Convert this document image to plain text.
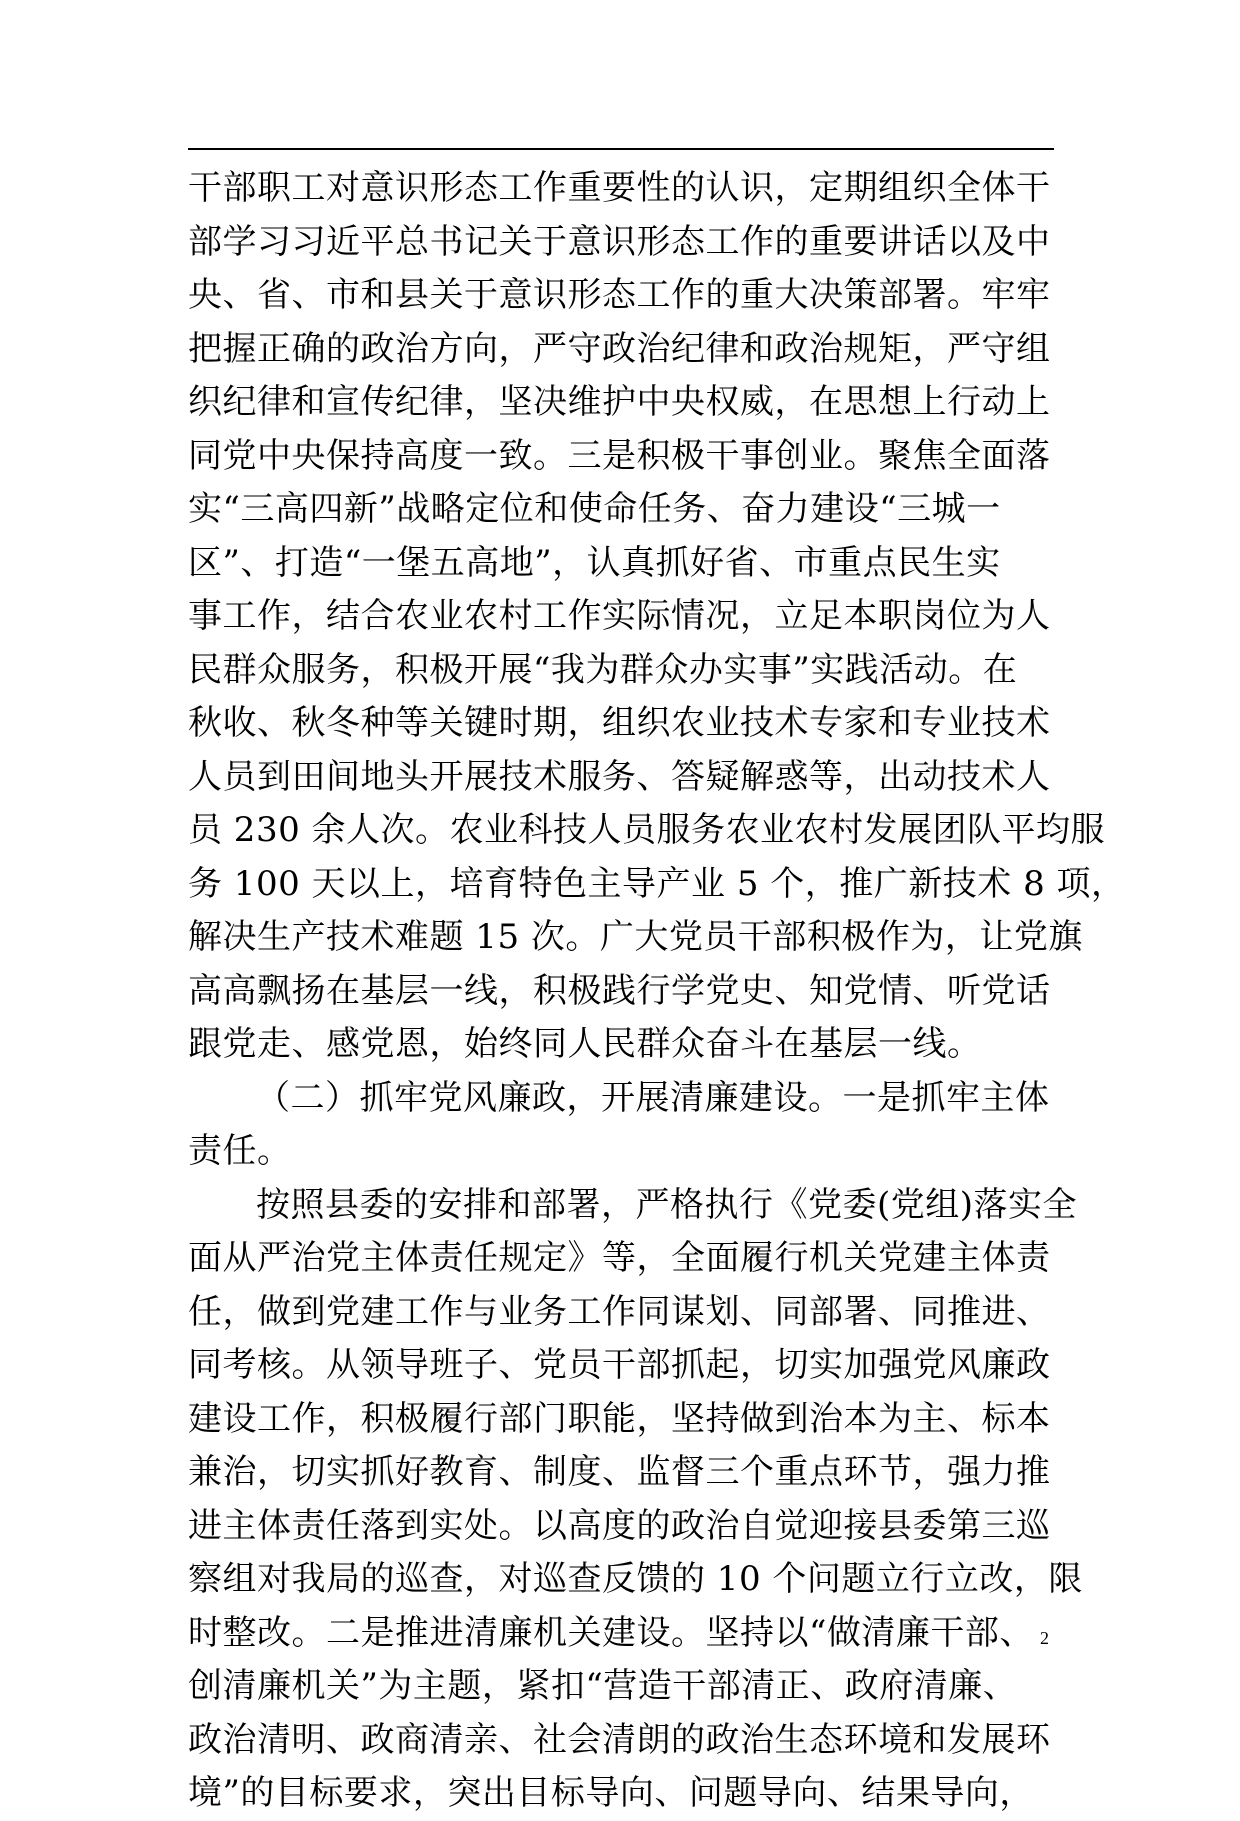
干部职工对意识形态工作重要性的认识，定期组织全体干
部学习习近平总书记关于意识形态工作的重要讲话以及中
央、省、市和县关于意识形态工作的重大决策部署。牢牢
把握正确的政治方向，严守政治纪律和政治规矩，严守组
织纪律和宣传纪律，坚决维护中央权威，在思想上行动上
同党中央保持高度一致。三是积极干事创业。聚焦全面落
实“三高四新”战略定位和使命任务、奋力建设“三城一
区”、打造“一堡五高地”，认真抓好省、市重点民生实
事工作，结合农业农村工作实际情况，立足本职岗位为人
民群众服务，积极开展“我为群众办实事”实践活动。在
秋收、秋冬种等关键时期，组织农业技术专家和专业技术
人员到田间地头开展技术服务、答疑解惑等，出动技术人
员 230 余人次。农业科技人员服务农业农村发展团队平均服
务 100 天以上，培育特色主导产业 5 个，推广新技术 8 项，
解决生产技术难题 15 次。广大党员干部积极作为，让党旗
高高飘扬在基层一线，积极践行学党史、知党情、听党话
跟党走、感党恩，始终同人民群众奋斗在基层一线。
（二）抓牢党风廉政，开展清廉建设。一是抓牢主体
责任。
按照县委的安排和部署，严格执行《党委(党组)落实全
面从严治党主体责任规定》等，全面履行机关党建主体责
任，做到党建工作与业务工作同谋划、同部署、同推进、
同考核。从领导班子、党员干部抓起，切实加强党风廉政
建设工作，积极履行部门职能，坚持做到治本为主、标本
兼治，切实抓好教育、制度、监督三个重点环节，强力推
进主体责任落到实处。以高度的政治自觉迎接县委第三巡
察组对我局的巡查，对巡查反馈的 10 个问题立行立改，限
时整改。二是推进清廉机关建设。坚持以“做清廉干部、
创清廉机关”为主题，紧扣“营造干部清正、政府清廉、
政治清明、政商清亲、社会清朗的政治生态环境和发展环
境”的目标要求，突出目标导向、问题导向、结果导向，
2
